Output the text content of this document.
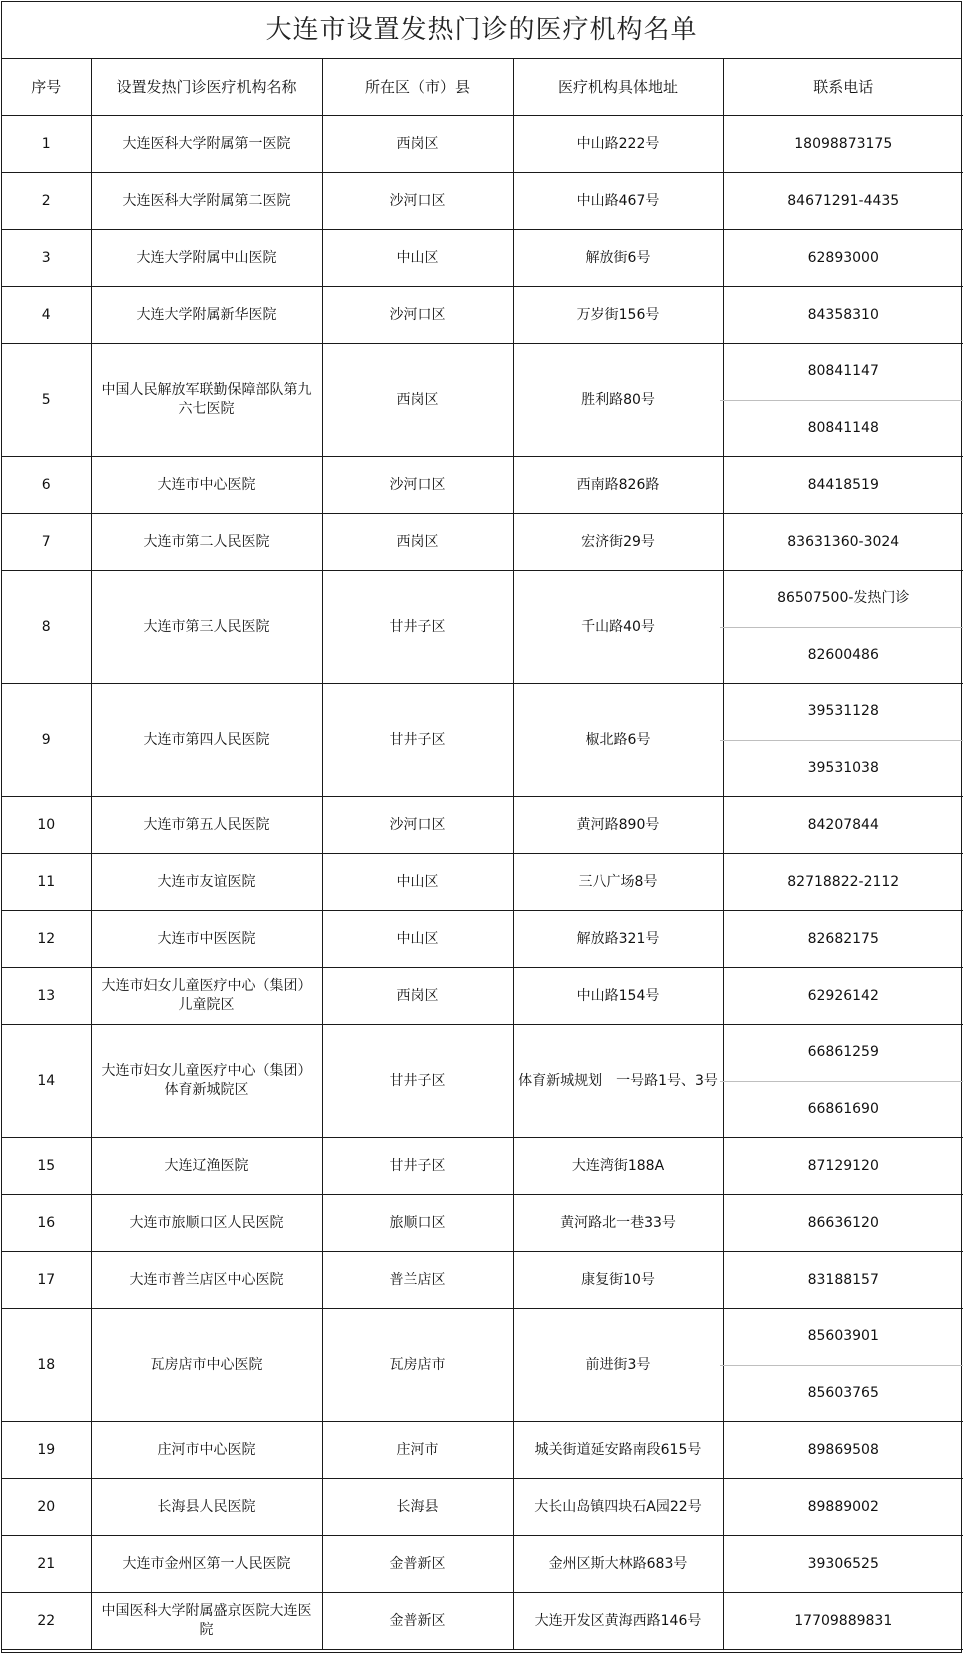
大连市设置发热门诊的医疗机构名单
序号	设置发热门诊医疗机构名称	所在区（市）县	医疗机构具体地址	联系电话
1	大连医科大学附属第一医院	西岗区	中山路222号	18098873175
2	大连医科大学附属第二医院	沙河口区	中山路467号	84671291-4435
3	大连大学附属中山医院	中山区	解放街6号	62893000
4	大连大学附属新华医院	沙河口区	万岁街156号	84358310
5	中国人民解放军联勤保障部队第九六七医院	西岗区	胜利路80号	80841147
80841148

6	大连市中心医院	沙河口区	西南路826路	84418519
7	大连市第二人民医院	西岗区	宏济街29号	83631360-3024
8	大连市第三人民医院	甘井子区	千山路40号	86507500-发热门诊
82600486

9	大连市第四人民医院	甘井子区	椒北路6号	39531128
39531038

10	大连市第五人民医院	沙河口区	黄河路890号	84207844
11	大连市友谊医院	中山区	三八广场8号	82718822-2112
12	大连市中医医院	中山区	解放路321号	82682175
13	大连市妇女儿童医疗中心（集团）儿童院区	西岗区	中山路154号	62926142
14	大连市妇女儿童医疗中心（集团）体育新城院区	甘井子区	体育新城规划　一号路1号、3号	66861259
66861690

15	大连辽渔医院	甘井子区	大连湾街188A	87129120
16	大连市旅顺口区人民医院	旅顺口区	黄河路北一巷33号	86636120
17	大连市普兰店区中心医院	普兰店区	康复街10号	83188157
18	瓦房店市中心医院	瓦房店市	前进街3号	85603901
85603765

19	庄河市中心医院	庄河市	城关街道延安路南段615号	89869508
20	长海县人民医院	长海县	大长山岛镇四块石A园22号	89889002
21	大连市金州区第一人民医院	金普新区	金州区斯大林路683号	39306525
22	中国医科大学附属盛京医院大连医院	金普新区	大连开发区黄海西路146号	17709889831
